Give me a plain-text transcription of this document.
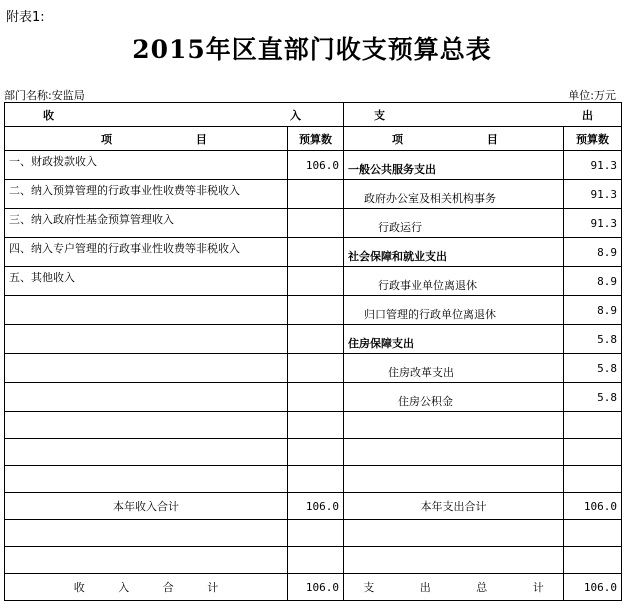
附表1:
2015年区直部门收支预算总表
部门名称:安监局	单位:万元
收 入		支 出	

项 目	预算数	项 目	预算数
一、财政拨款收入	106.0	一般公共服务支出	91.3
二、纳入预算管理的行政事业性收费等非税收入		政府办公室及相关机构事务	91.3
三、纳入政府性基金预算管理收入		行政运行	91.3
四、纳入专户管理的行政事业性收费等非税收入		社会保障和就业支出	8.9
五、其他收入		行政事业单位离退休	8.9
		归口管理的行政单位离退休	8.9
		住房保障支出	5.8
		住房改革支出	5.8
		住房公积金	5.8

本年收入合计	106.0	本年支出合计	106.0

收 入 合 计	106.0	支 出 总 计	106.0
